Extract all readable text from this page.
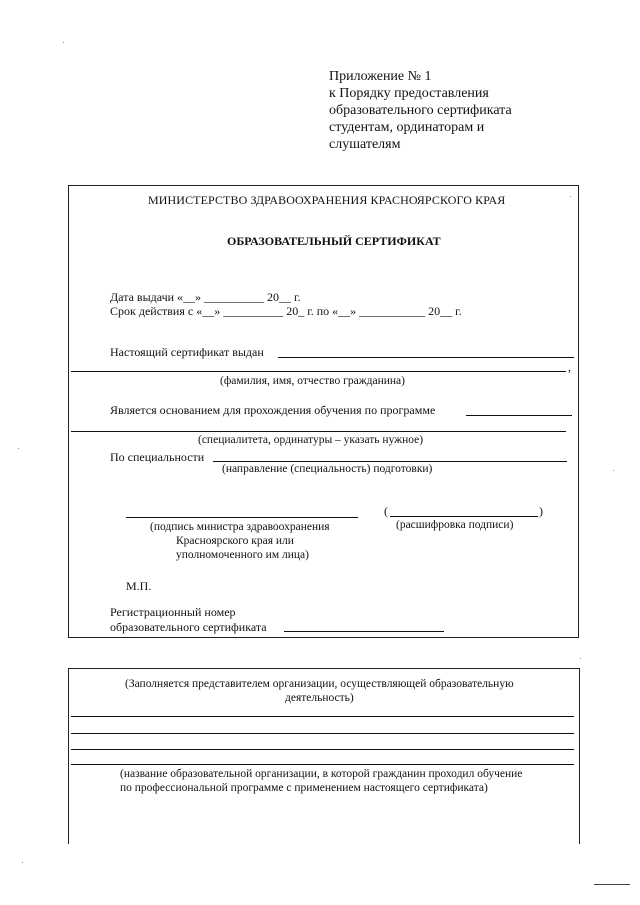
Приложение № 1
к Порядку предоставления
образовательного сертификата
студентам, ординаторам и
слушателям
МИНИСТЕРСТВО ЗДРАВООХРАНЕНИЯ КРАСНОЯРСКОГО КРАЯ
ОБРАЗОВАТЕЛЬНЫЙ СЕРТИФИКАТ
Дата выдачи «__» __________ 20__ г.
Срок действия с «__» __________ 20_ г. по «__» ___________ 20__ г.
Настоящий сертификат выдан
,
(фамилия, имя, отчество гражданина)
Является основанием для прохождения обучения по программе
(специалитета, ординатуры – указать нужное)
По специальности
(направление (специальность) подготовки)
(	)
(подпись министра здравоохранения
Красноярского края или
уполномоченного им лица)
(расшифровка подписи)
М.П.
Регистрационный номер
образовательного сертификата
(Заполняется представителем организации, осуществляющей образовательную
деятельность)
(название образовательной организации, в которой гражданин проходил обучение
по профессиональной программе с применением настоящего сертификата)
